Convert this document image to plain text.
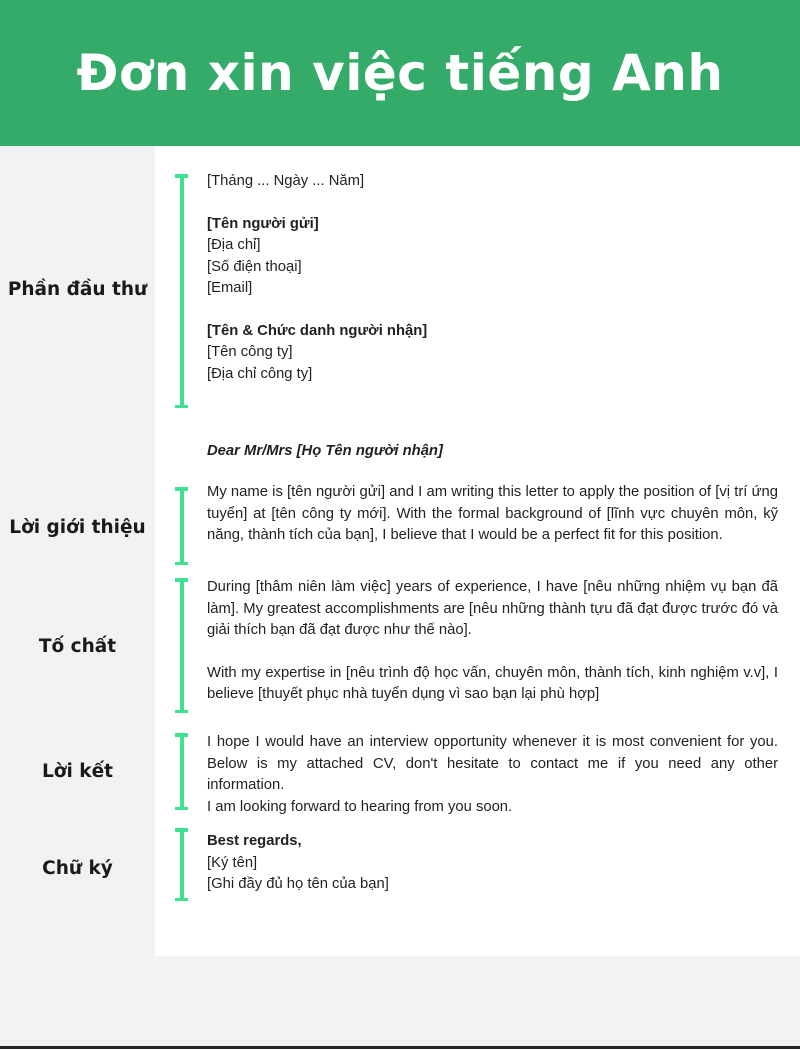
Đơn xin việc tiếng Anh
Phần đầu thư
Lời giới thiệu
Tố chất
Lời kết
Chữ ký
[Tháng ... Ngày ... Năm]
[Tên người gửi]
[Địa chỉ]
[Số điện thoại]
[Email]
[Tên & Chức danh người nhận]
[Tên công ty]
[Địa chỉ công ty]
Dear Mr/Mrs [Họ Tên người nhận]

My name is [tên người gửi] and I am writing this letter to apply the position of [vị trí ứng tuyển] at [tên công ty mới]. With the formal background of [lĩnh vực chuyên môn, kỹ năng, thành tích của bạn], I believe that I would be a perfect fit for this position.

During [thâm niên làm việc] years of experience, I have [nêu những nhiệm vụ bạn đã làm]. My greatest accomplishments are [nêu những thành tựu đã đạt được trước đó và giải thích bạn đã đạt được như thế nào].

With my expertise in [nêu trình độ học vấn, chuyên môn, thành tích, kinh nghiệm v.v], I believe [thuyết phục nhà tuyển dụng vì sao bạn lại phù hợp]

I hope I would have an interview opportunity whenever it is most convenient for you. Below is my attached CV, don't hesitate to contact me if you need any other information.

I am looking forward to hearing from you soon.
Best regards,
[Ký tên]
[Ghi đầy đủ họ tên của bạn]
